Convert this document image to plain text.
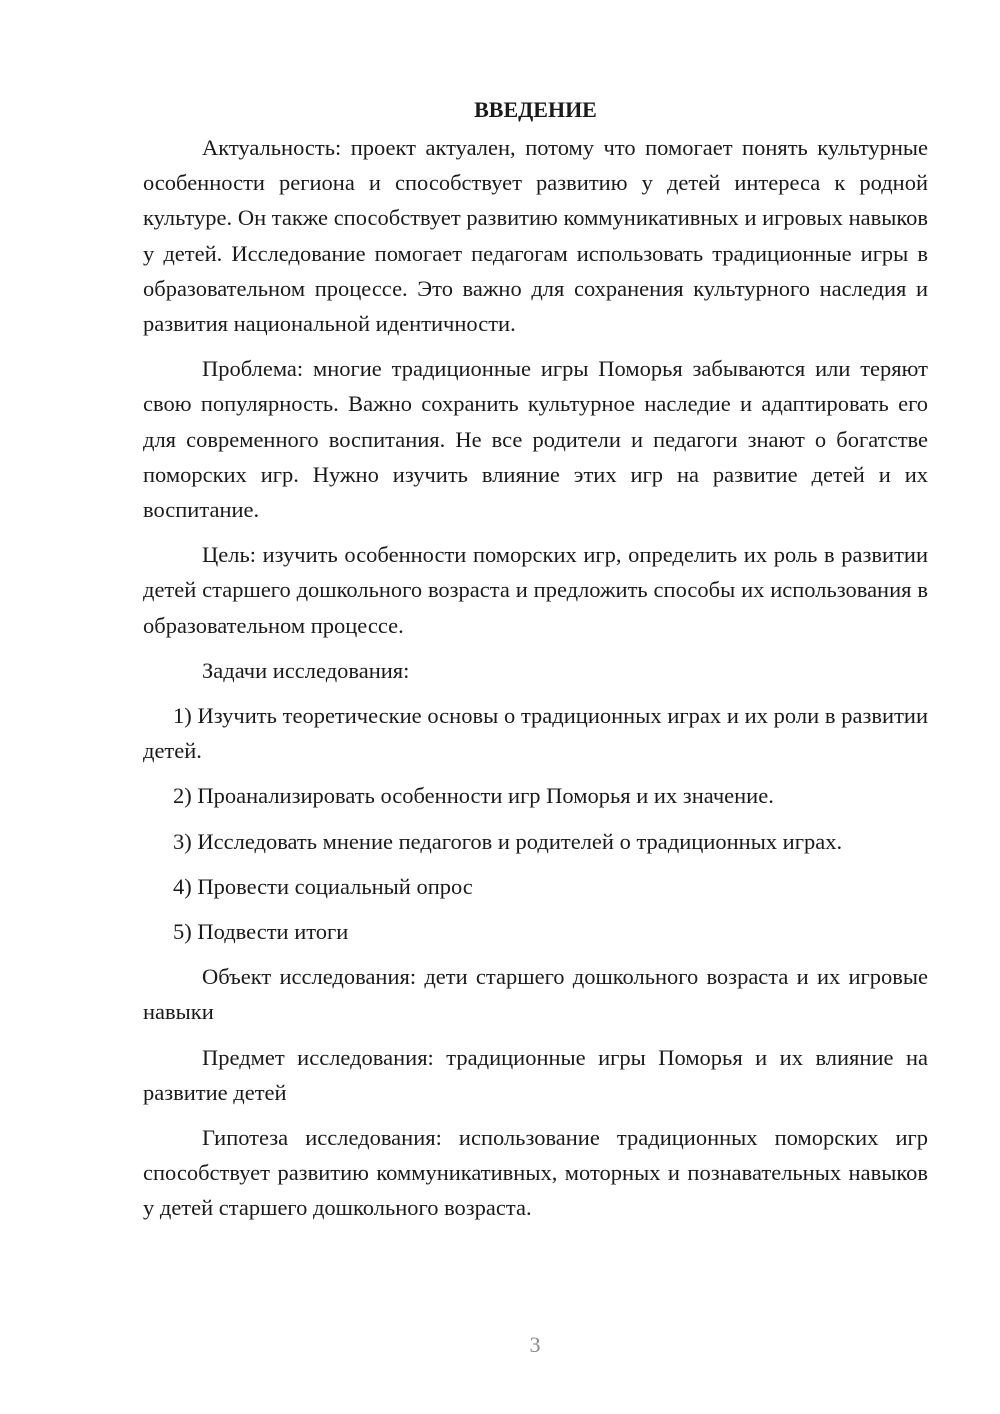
ВВЕДЕНИЕ

Актуальность: проект актуален, потому что помогает понять культурные особенности региона и способствует развитию у детей интереса к родной культуре. Он также способствует развитию коммуникативных и игровых навыков у детей. Исследование помогает педагогам использовать традиционные игры в образовательном процессе. Это важно для сохранения культурного наследия и развития национальной идентичности.

Проблема: многие традиционные игры Поморья забываются или теряют свою популярность. Важно сохранить культурное наследие и адаптировать его для современного воспитания. Не все родители и педагоги знают о богатстве поморских игр. Нужно изучить влияние этих игр на развитие детей и их воспитание.

Цель: изучить особенности поморских игр, определить их роль в развитии детей старшего дошкольного возраста и предложить способы их использования в образовательном процессе.

Задачи исследования:

1) Изучить теоретические основы о традиционных играх и их роли в развитии детей.

2) Проанализировать особенности игр Поморья и их значение.

3) Исследовать мнение педагогов и родителей о традиционных играх.

4) Провести социальный опрос

5) Подвести итоги

Объект исследования: дети старшего дошкольного возраста и их игровые навыки

Предмет исследования: традиционные игры Поморья и их влияние на развитие детей

Гипотеза исследования: использование традиционных поморских игр способствует развитию коммуникативных, моторных и познавательных навыков у детей старшего дошкольного возраста.

3
